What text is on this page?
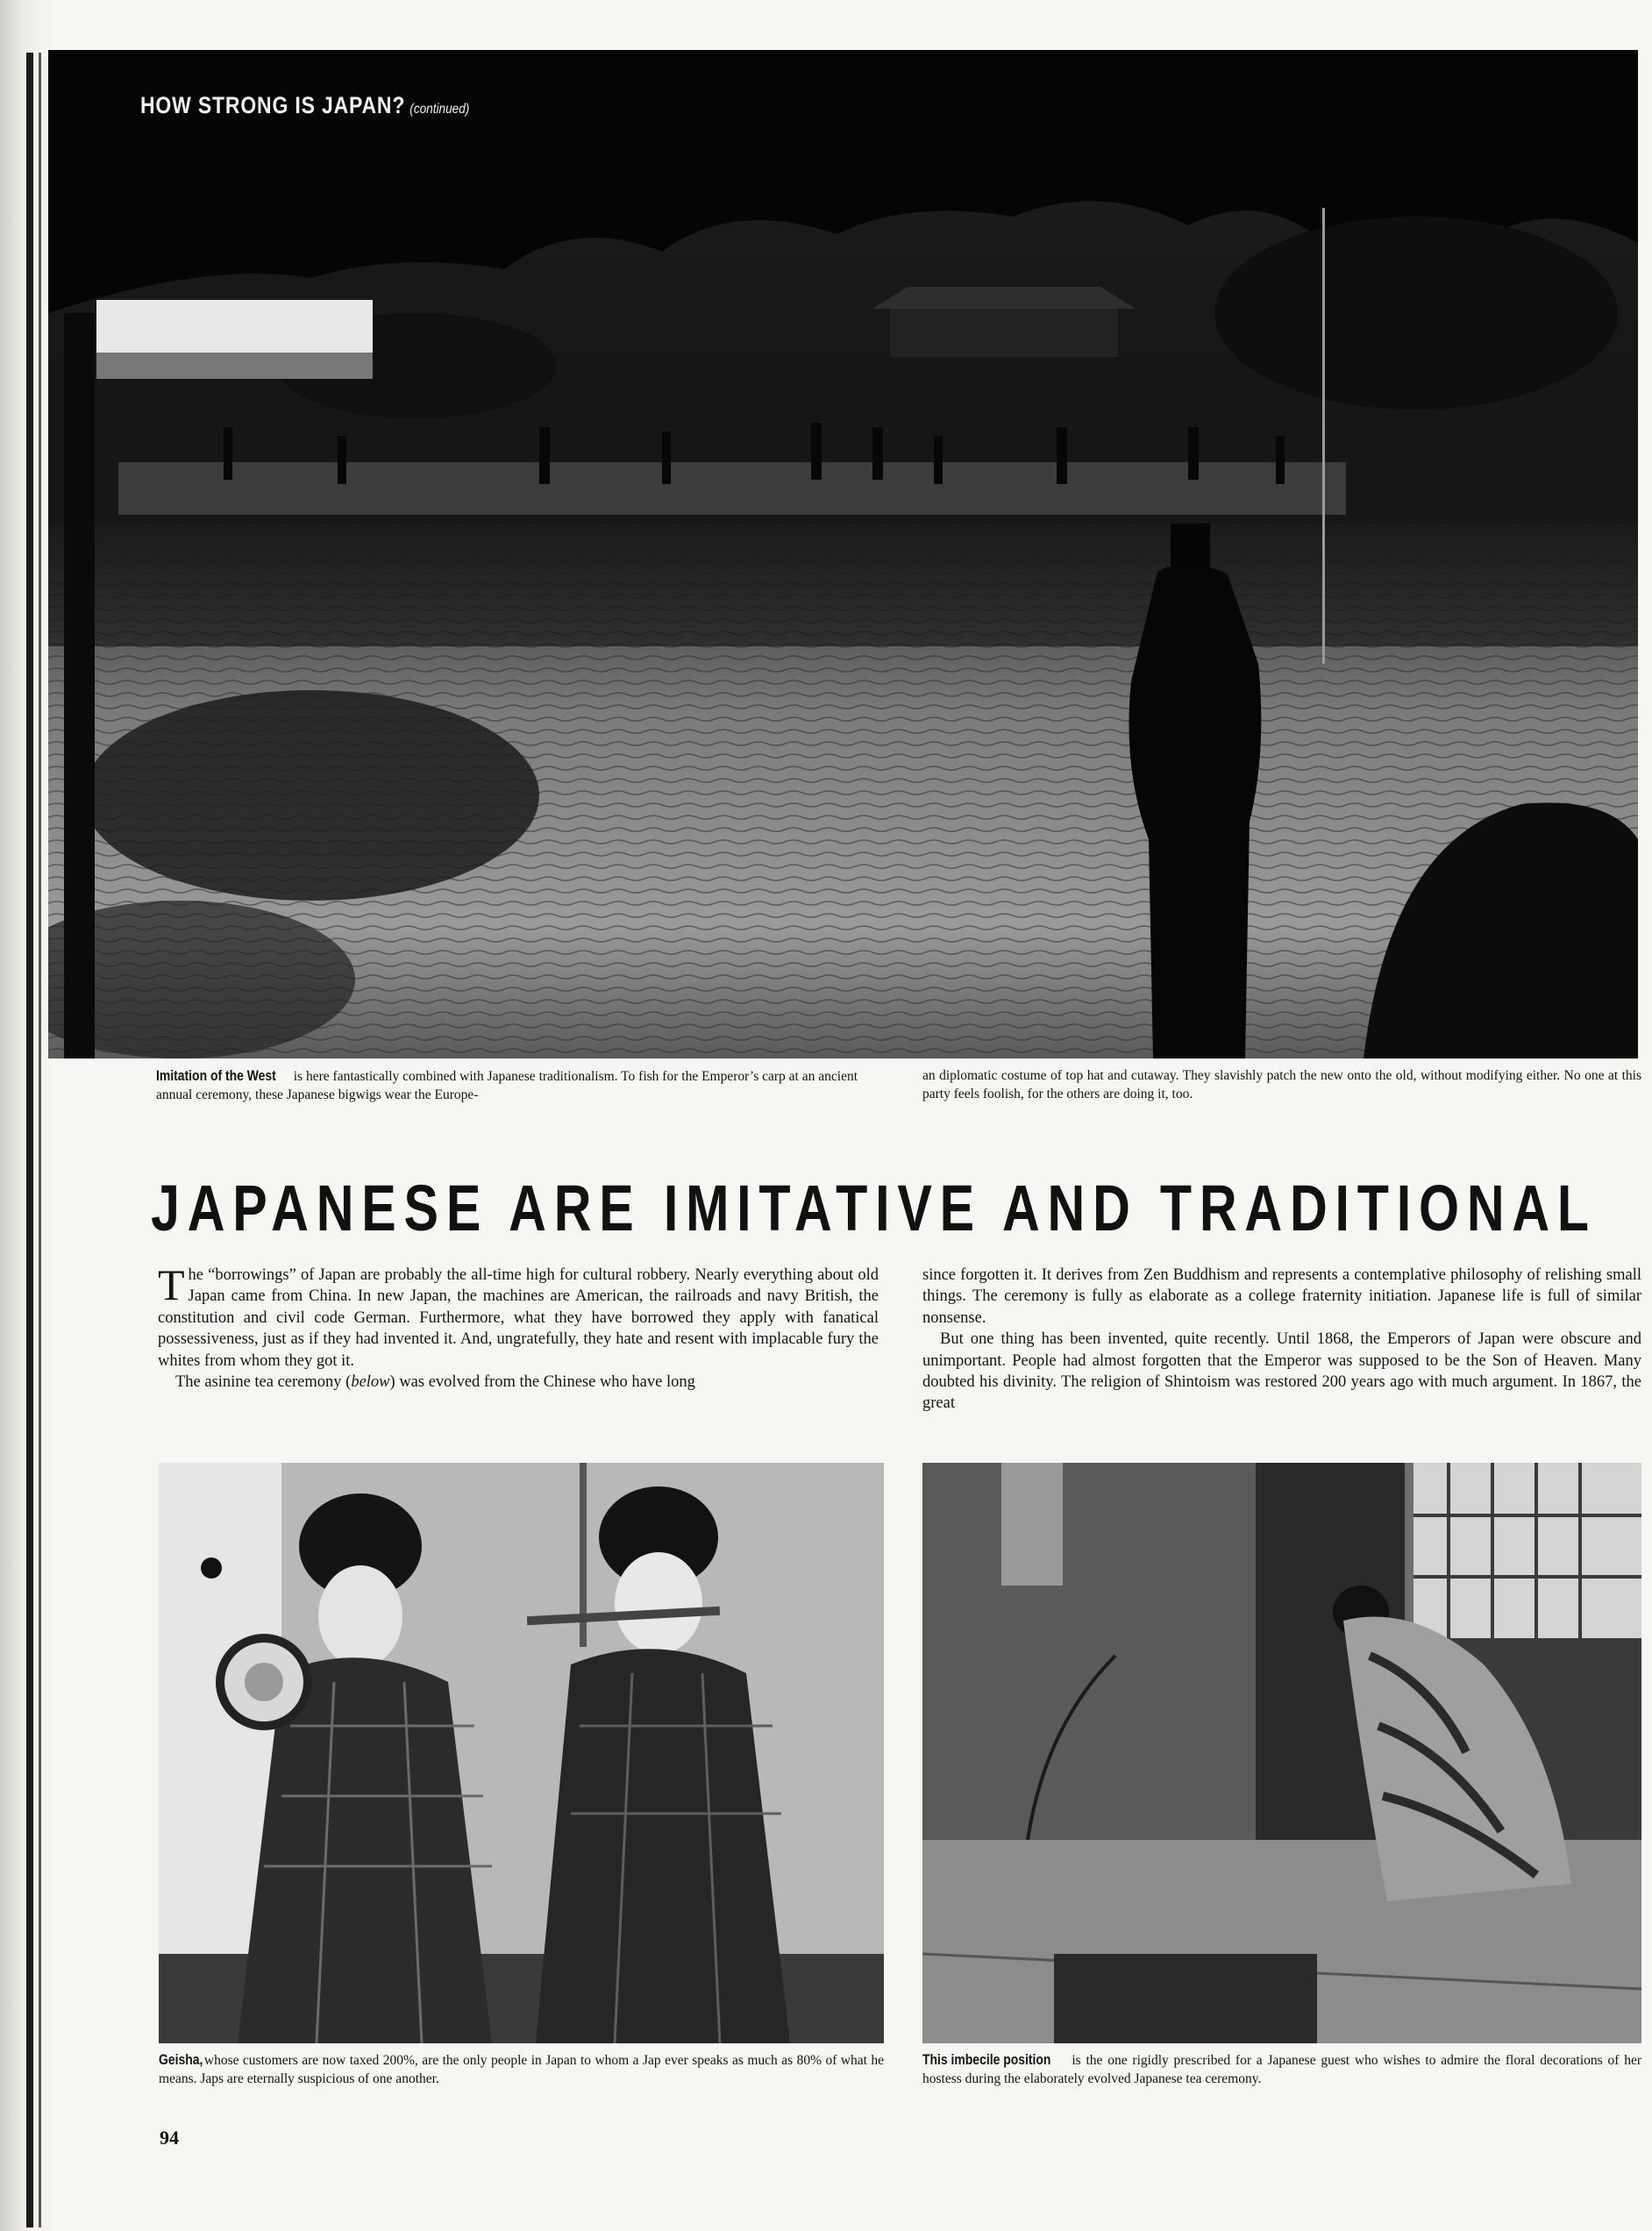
HOW STRONG IS JAPAN? (continued)
Imitation of the West is here fantastically combined with Japanese traditionalism. To fish for the Emperor’s carp at an ancient annual ceremony, these Japanese bigwigs wear the Europe-
an diplomatic costume of top hat and cutaway. They slavishly patch the new onto the old, without modifying either. No one at this party feels foolish, for the others are doing it, too.
JAPANESE ARE IMITATIVE AND TRADITIONAL

The “borrowings” of Japan are probably the all-time high for cultural robbery. Nearly everything about old Japan came from China. In new Japan, the machines are American, the railroads and navy British, the constitution and civil code German. Furthermore, what they have borrowed they apply with fanatical possessiveness, just as if they had invented it. And, ungratefully, they hate and resent with implacable fury the whites from whom they got it.

The asinine tea ceremony (below) was evolved from the Chinese who have long

since forgotten it. It derives from Zen Buddhism and represents a contemplative philosophy of relishing small things. The ceremony is fully as elaborate as a college fraternity initiation. Japanese life is full of similar nonsense.

But one thing has been invented, quite recently. Until 1868, the Emperors of Japan were obscure and unimportant. People had almost forgotten that the Emperor was supposed to be the Son of Heaven. Many doubted his divinity. The religion of Shintoism was restored 200 years ago with much argument. In 1867, the great

Geisha, whose customers are now taxed 200%, are the only people in Japan to whom a Jap ever speaks as much as 80% of what he means. Japs are eternally suspicious of one another.
This imbecile position is the one rigidly prescribed for a Japanese guest who wishes to admire the floral decorations of her hostess during the elaborately evolved Japanese tea ceremony.
94
